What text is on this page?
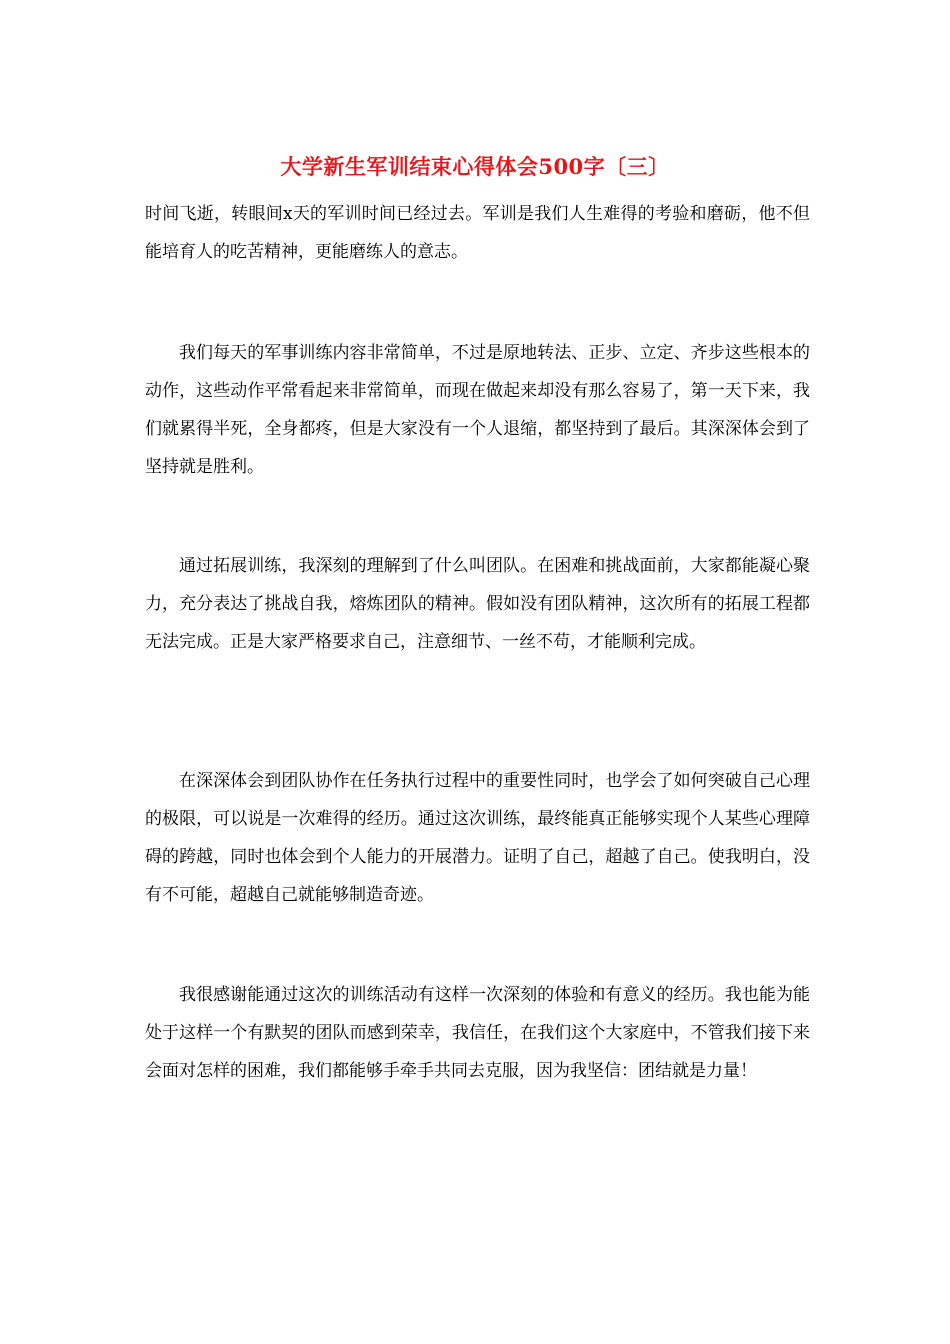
大学新生军训结束心得体会500字〔三〕

时间飞逝，转眼间x天的军训时间已经过去。军训是我们人生难得的考验和磨砺，他不但能培育人的吃苦精神，更能磨练人的意志。

我们每天的军事训练内容非常简单，不过是原地转法、正步、立定、齐步这些根本的动作，这些动作平常看起来非常简单，而现在做起来却没有那么容易了，第一天下来，我们就累得半死，全身都疼，但是大家没有一个人退缩，都坚持到了最后。其深深体会到了坚持就是胜利。

通过拓展训练，我深刻的理解到了什么叫团队。在困难和挑战面前，大家都能凝心聚力，充分表达了挑战自我，熔炼团队的精神。假如没有团队精神，这次所有的拓展工程都无法完成。正是大家严格要求自己，注意细节、一丝不苟，才能顺利完成。

在深深体会到团队协作在任务执行过程中的重要性同时，也学会了如何突破自己心理的极限，可以说是一次难得的经历。通过这次训练，最终能真正能够实现个人某些心理障碍的跨越，同时也体会到个人能力的开展潜力。证明了自己，超越了自己。使我明白，没有不可能，超越自己就能够制造奇迹。

我很感谢能通过这次的训练活动有这样一次深刻的体验和有意义的经历。我也能为能处于这样一个有默契的团队而感到荣幸，我信任，在我们这个大家庭中，不管我们接下来会面对怎样的困难，我们都能够手牵手共同去克服，因为我坚信：团结就是力量！
